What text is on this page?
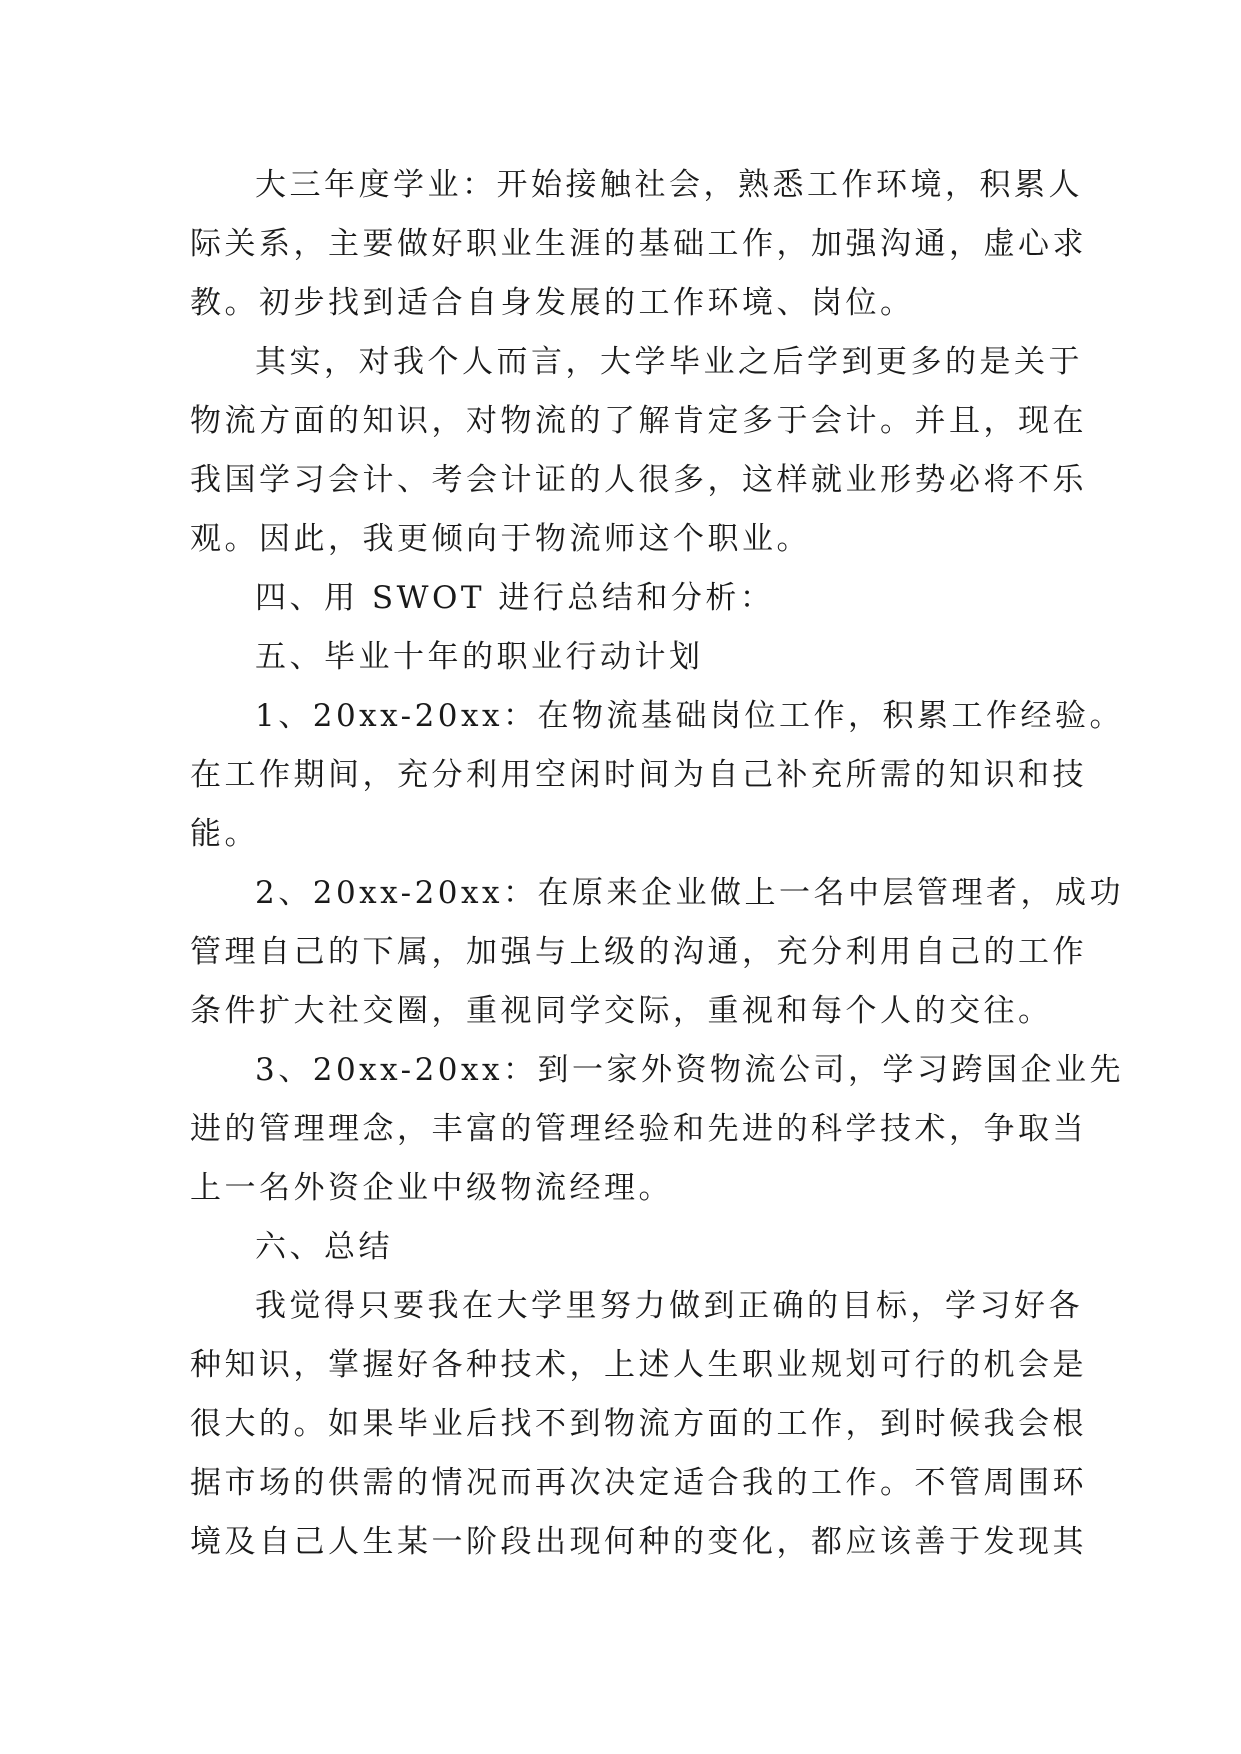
大三年度学业：开始接触社会，熟悉工作环境，积累人
际关系，主要做好职业生涯的基础工作，加强沟通，虚心求
教。初步找到适合自身发展的工作环境、岗位。
其实，对我个人而言，大学毕业之后学到更多的是关于
物流方面的知识，对物流的了解肯定多于会计。并且，现在
我国学习会计、考会计证的人很多，这样就业形势必将不乐
观。因此，我更倾向于物流师这个职业。
四、用 SWOT 进行总结和分析：
五、毕业十年的职业行动计划
1、20xx-20xx：在物流基础岗位工作，积累工作经验。
在工作期间，充分利用空闲时间为自己补充所需的知识和技
能。
2、20xx-20xx：在原来企业做上一名中层管理者，成功
管理自己的下属，加强与上级的沟通，充分利用自己的工作
条件扩大社交圈，重视同学交际，重视和每个人的交往。
3、20xx-20xx：到一家外资物流公司，学习跨国企业先
进的管理理念，丰富的管理经验和先进的科学技术，争取当
上一名外资企业中级物流经理。
六、总结
我觉得只要我在大学里努力做到正确的目标，学习好各
种知识，掌握好各种技术，上述人生职业规划可行的机会是
很大的。如果毕业后找不到物流方面的工作，到时候我会根
据市场的供需的情况而再次决定适合我的工作。不管周围环
境及自己人生某一阶段出现何种的变化，都应该善于发现其
